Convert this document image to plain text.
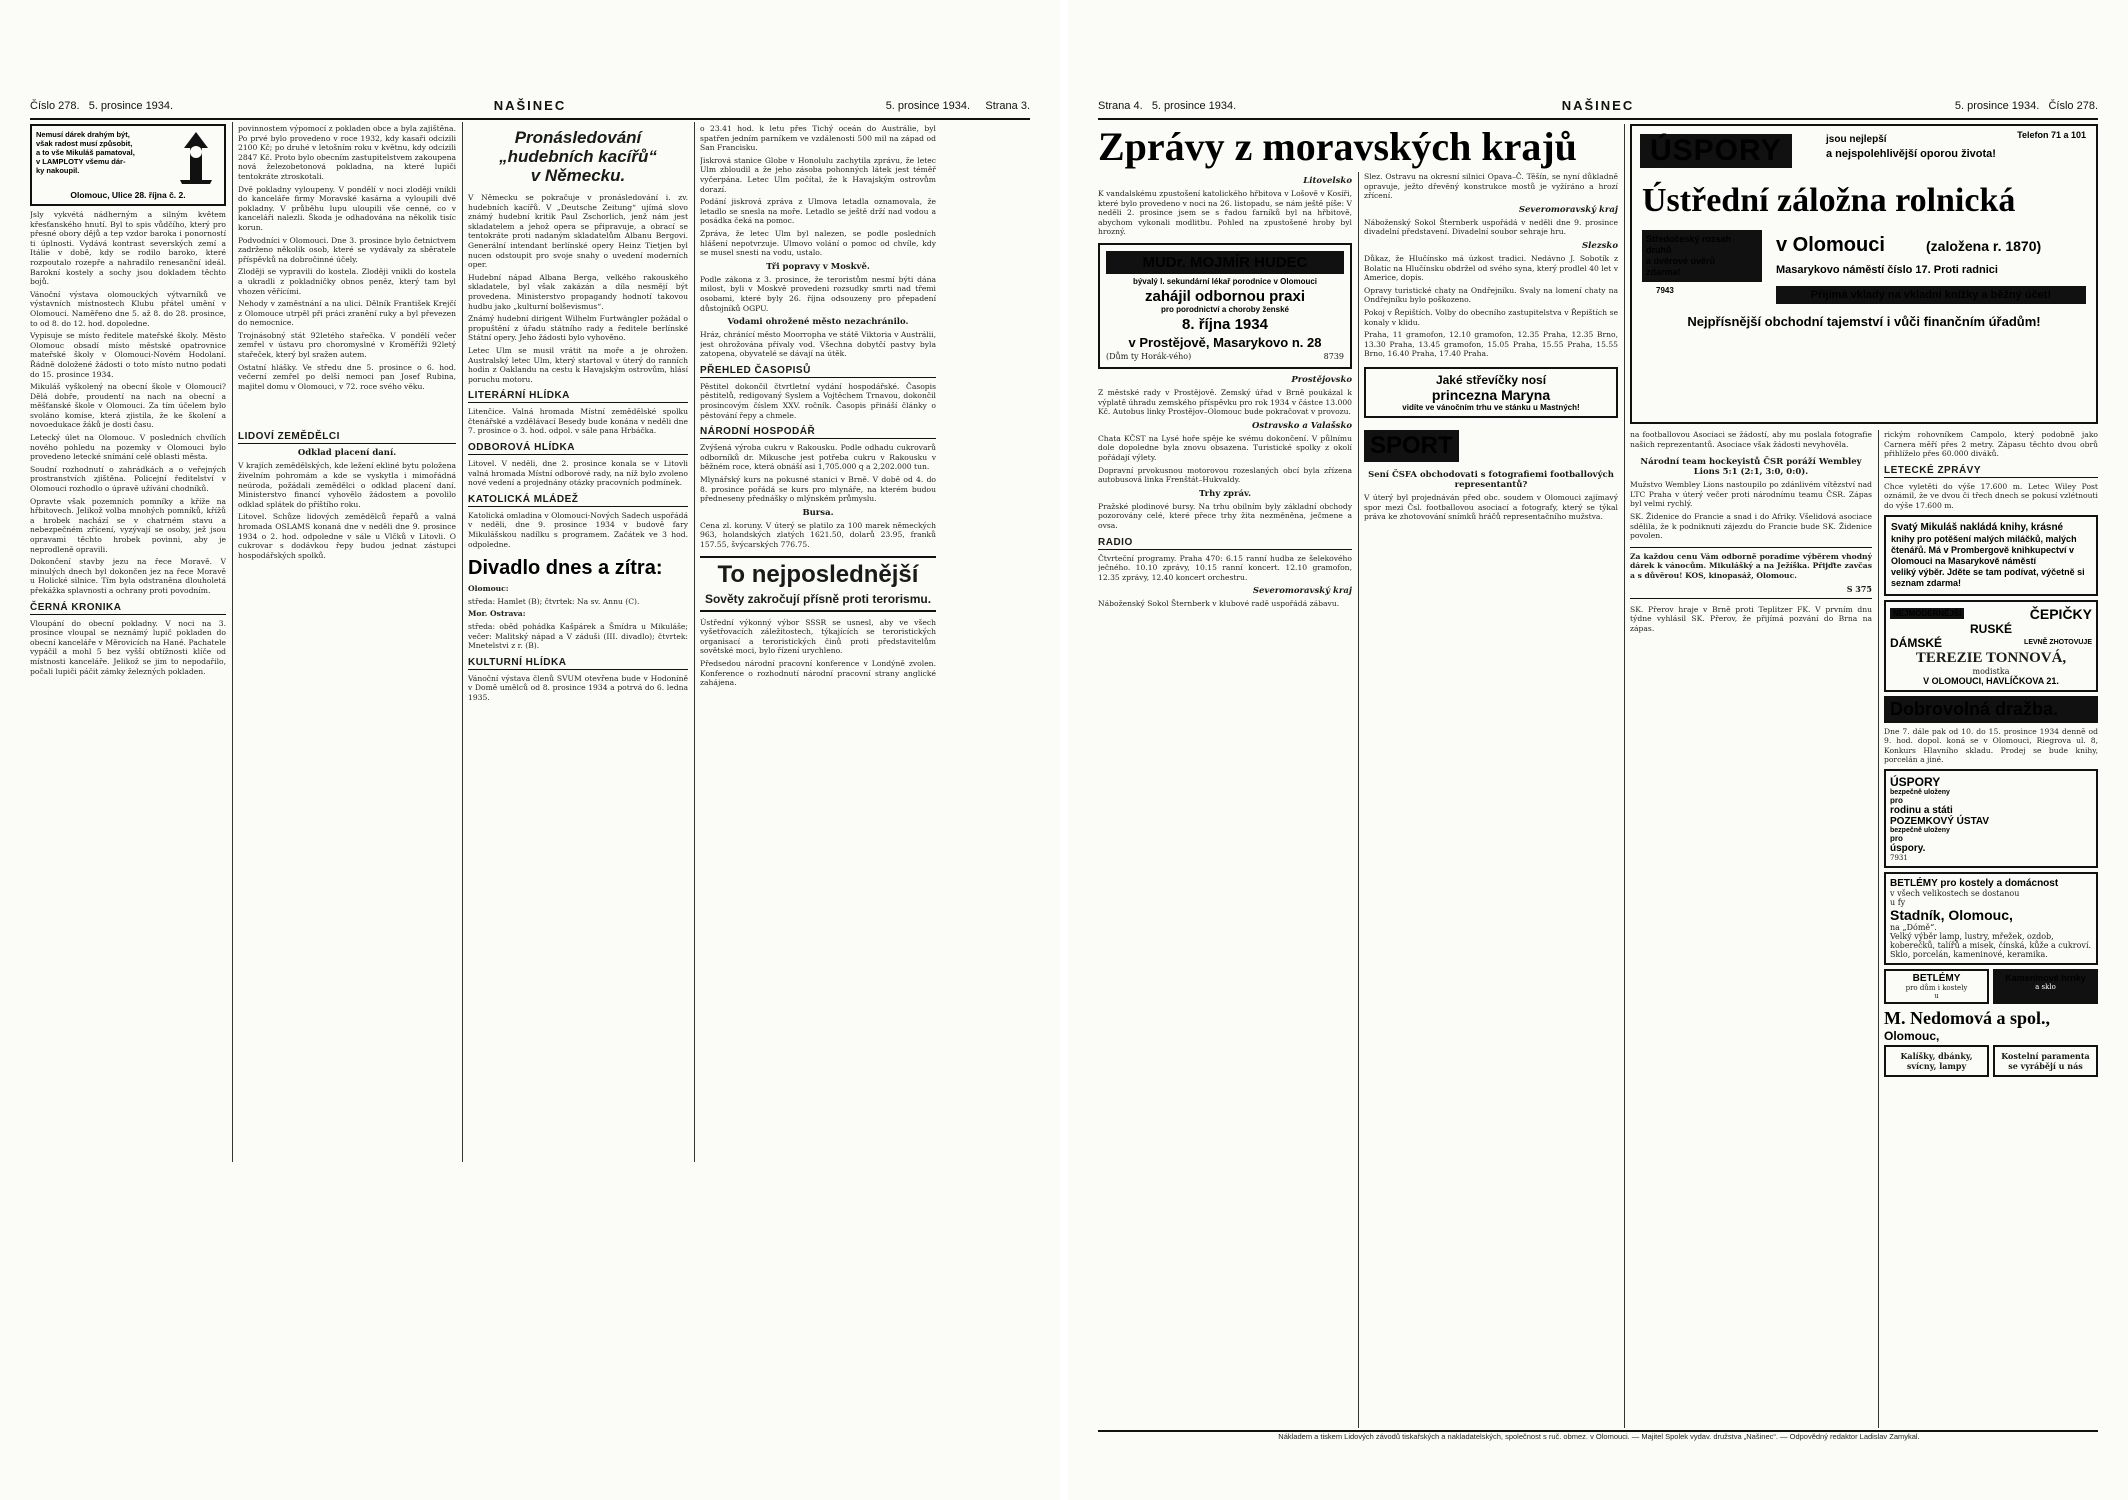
Číslo 278. 5. prosince 1934.	NAŠINEC	5. prosince 1934. Strana 3.
Nemusí dárek drahým být,
však radost musí způsobit,
a to vše Mikuláš pamatoval,
v LAMPLOTY všemu dár-
ky nakoupil.
Olomouc, Ulice 28. října č. 2.

Jsly vykvétá nádherným a silným květem křesťanského hnutí. Byl to spis vůdčího, který pro přesné obory dějů a tep vzdor baroka i ponorností ti úplnosti. Vydává kontrast severských zemí a Itálie v době, kdy se rodilo baroko, které rozpoutalo rozepře a nahradilo renesanční ideál. Barokní kostely a sochy jsou dokladem těchto bojů.

Vánoční výstava olomouckých výtvarníků ve výstavních místnostech Klubu přátel umění v Olomouci. Naměřeno dne 5. až 8. do 28. prosince, to od 8. do 12. hod. dopoledne.

Vypisuje se místo ředitele mateřské školy. Město Olomouc obsadí místo městské opatrovnice mateřské školy v Olomouci-Novém Hodolaní. Řádně doložené žádosti o toto místo nutno podati do 15. prosince 1934.

Mikuláš vyškolený na obecní škole v Olomouci? Dělá dobře, proudentí na nach na obecní a měšťanské škole v Olomouci. Za tím účelem bylo svoláno komise, která zjistila, že ke školení a novoedukace žáků je dosti času.

Letecký úlet na Olomouc. V posledních chvílích nového pohledu na pozemky v Olomouci bylo provedeno letecké snímání celé oblasti města.

Soudní rozhodnutí o zahrádkách a o veřejných prostranstvích zjištěna. Policejní ředitelství v Olomouci rozhodlo o úpravě užívání chodníků.

Opravte však pozemních pomníky a kříže na hřbitovech. Jelikož volba mnohých pomníků, křížů a hrobek nachází se v chatrném stavu a nebezpečném zřícení, vyzývají se osoby, jež jsou opravami těchto hrobek povinni, aby je neprodleně opravili.

Dokončení stavby jezu na řece Moravě. V minulých dnech byl dokončen jez na řece Moravě u Holické silnice. Tím byla odstraněna dlouholetá překážka splavnosti a ochrany proti povodním.

ČERNÁ KRONIKA

Vloupání do obecní pokladny. V noci na 3. prosince vloupal se neznámý lupič pokladen do obecní kanceláře v Měrovicích na Hané. Pachatele vypáčil a mohl 5 bez vyšší obtížnosti klíče od místnosti kanceláře. Jelikož se jim to nepodařilo, počali lupiči páčit zámky železných pokladen.

povinnostem výpomocí z pokladen obce a byla zajištěna. Po prvé bylo provedeno v roce 1932, kdy kasaři odcizili 2100 Kč; po druhé v letošním roku v květnu, kdy odcizili 2847 Kč. Proto bylo obecním zastupitelstvem zakoupena nová železobetonová pokladna, na které lupiči tentokráte ztroskotali.

Dvě pokladny vyloupeny. V pondělí v noci zloději vnikli do kanceláře firmy Moravské kasárna a vyloupili dvě pokladny. V průběhu lupu uloupili vše cenné, co v kanceláři nalezli. Škoda je odhadována na několik tisíc korun.

Podvodníci v Olomouci. Dne 3. prosince bylo četnictvem zadrženo několik osob, které se vydávaly za sběratele příspěvků na dobročinné účely.

Zloději se vypravili do kostela. Zloději vnikli do kostela a ukradli z pokladničky obnos peněz, který tam byl vhozen věřícími.

Nehody v zaměstnání a na ulici. Dělník František Krejčí z Olomouce utrpěl při práci zranění ruky a byl převezen do nemocnice.

Trojnásobný stát 92letého stařečka. V pondělí večer zemřel v ústavu pro choromyslné v Kroměříži 92letý stařeček, který byl sražen autem.

Ostatní hlášky. Ve středu dne 5. prosince o 6. hod. večerní zemřel po delší nemoci pan Josef Rubina, majitel domu v Olomouci, v 72. roce svého věku.

LIDOVÍ ZEMĚDĚLCI
Odklad placení daní.

V krajích zemědělských, kde ležení ekliné bytu položena živelním pohromám a kde se vyskytla i mimořádná neúroda, požádali zemědělci o odklad placení daní. Ministerstvo financí vyhovělo žádostem a povolilo odklad splátek do příštího roku.

Litovel. Schůze lidových zemědělců řepařů a valná hromada OSLAMS konaná dne v neděli dne 9. prosince 1934 o 2. hod. odpoledne v sále u Vlčků v Litovli. O cukrovar s dodávkou řepy budou jednat zástupci hospodářských spolků.

Pronásledování „hudebních kacířů“
v Německu.

V Německu se pokračuje v pronásledování i. zv. hudebních kacířů. V „Deutsche Zeitung“ ujímá slovo známý hudební kritik Paul Zschorlich, jenž nám jest skladatelem a jehož opera se připravuje, a obrací se tentokráte proti nadaným skladatelům Albanu Bergovi. Generální intendant berlínské opery Heinz Tietjen byl nucen odstoupit pro svoje snahy o uvedení moderních oper.

Hudební nápad Albana Berga, velkého rakouského skladatele, byl však zakázán a díla nesmějí být provedena. Ministerstvo propagandy hodnotí takovou hudbu jako „kulturní bolševismus“.

Známý hudební dirigent Wilhelm Furtwängler požádal o propuštění z úřadu státního rady a ředitele berlínské Státní opery. Jeho žádosti bylo vyhověno.

Letec Ulm se musil vrátit na moře a je ohrožen. Australský letec Ulm, který startoval v úterý do ranních hodin z Oaklandu na cestu k Havajským ostrovům, hlásí poruchu motoru.

LITERÁRNÍ HLÍDKA

Litenčice. Valná hromada Místní zemědělské spolku čtenářské a vzdělávací Besedy bude konána v neděli dne 7. prosince o 3. hod. odpol. v sále pana Hrbáčka.

ODBOROVÁ HLÍDKA

Litovel. V neděli, dne 2. prosince konala se v Litovli valná hromada Místní odborové rady, na níž bylo zvoleno nové vedení a projednány otázky pracovních podmínek.

KATOLICKÁ MLÁDEŽ

Katolická omladina v Olomouci-Nových Sadech uspořádá v neděli, dne 9. prosince 1934 v budově fary Mikulášskou nadílku s programem. Začátek ve 3 hod. odpoledne.

Divadlo dnes a zítra:
Olomouc:
středa: Hamlet (B); čtvrtek: Na sv. Annu (C).
Mor. Ostrava:
středa: oběd pohádka Kašpárek a Šmídra u Mikuláše; večer: Malitský nápad a V záduši (III. divadlo); čtvrtek: Mnetelstvi z r. (B).
KULTURNÍ HLÍDKA

Vánoční výstava členů SVUM otevřena bude v Hodoníně v Domě umělců od 8. prosince 1934 a potrvá do 6. ledna 1935.

o 23.41 hod. k letu přes Tichý oceán do Austrálie, byl spatřen jedním parníkem ve vzdálenosti 500 mil na západ od San Francisku.

Jiskrová stanice Globe v Honolulu zachytila zprávu, že letec Ulm zbloudil a že jeho zásoba pohonných látek jest téměř vyčerpána. Letec Ulm počítal, že k Havajským ostrovům dorazí.

Podání jiskrová zpráva z Ulmova letadla oznamovala, že letadlo se snesla na moře. Letadlo se ještě drží nad vodou a posádka čeká na pomoc.

Zpráva, že letec Ulm byl nalezen, se podle posledních hlášení nepotvrzuje. Ulmovo volání o pomoc od chvíle, kdy se musel snesti na vodu, ustalo.

Tři popravy v Moskvě.

Podle zákona z 3. prosince, že teroristům nesmí býti dána milost, byli v Moskvě provedeni rozsudky smrti nad třemi osobami, které byly 26. října odsouzeny pro přepadení důstojníků OGPU.

Vodami ohrožené město nezachránilo.

Hráz, chránící město Moorropha ve státě Viktoria v Austrálii, jest ohrožována přívaly vod. Všechna dobytčí pastvy byla zatopena, obyvatelé se dávají na útěk.

PŘEHLED ČASOPISŮ

Pěstitel dokončil čtvrtletní vydání hospodářské. Časopis pěstitelů, redigovaný Syslem a Vojtěchem Trnavou, dokončil prosincovým číslem XXV. ročník. Časopis přináší články o pěstování řepy a chmele.

NÁRODNÍ HOSPODÁŘ

Zvýšená výroba cukru v Rakousku. Podle odhadu cukrovarů odborníků dr. Mikusche jest potřeba cukru v Rakousku v běžném roce, která obnáší asi 1,705.000 q a 2,202.000 tun.

Mlynářský kurs na pokusné stanici v Brně. V době od 4. do 8. prosince pořádá se kurs pro mlynáře, na kterém budou předneseny přednášky o mlýnském průmyslu.

Bursa.

Cena zl. koruny. V úterý se platilo za 100 marek německých 963, holandských zlatých 1621.50, dolarů 23.95, franků 157.55, švýcarských 776.75.

To nejposlednější
Sověty zakročují přísně proti terorismu.

Ústřední výkonný výbor SSSR se usnesl, aby ve všech vyšetřovacích záležitostech, týkajících se teroristických organisací a teroristických činů proti představitelům sovětské moci, bylo řízení urychleno.

Předsedou národní pracovní konference v Londýně zvolen. Konference o rozhodnutí národní pracovní strany anglické zahájena.

Strana 4. 5. prosince 1934.	NAŠINEC	5. prosince 1934. Číslo 278.
Zprávy z moravských krajů
Litovelsko

K vandalskému zpustošení katolického hřbitova v Lošově v Kosíři, které bylo provedeno v noci na 26. listopadu, se nám ještě píše: V neděli 2. prosince jsem se s řadou farníků byl na hřbitově, abychom vykonali modlitbu. Pohled na zpustošené hroby byl hrozný.

MUDr. MOJMÍR HUDEC
bývalý I. sekundární lékař porodnice v Olomouci
zahájil odbornou praxi
pro porodnictví a choroby ženské
8. října 1934
v Prostějově, Masarykovo n. 28
(Dům ty Horák-vého)	8739
Prostějovsko

Z městské rady v Prostějově. Zemský úřad v Brně poukázal k výplatě úhradu zemského příspěvku pro rok 1934 v částce 13.000 Kč. Autobus linky Prostějov–Olomouc bude pokračovat v provozu.

Ostravsko a Valašsko

Chata KČST na Lysé hoře spěje ke svému dokončení. V půlnímu dole dopoledne byla znovu obsazena. Turistické spolky z okolí pořádají výlety.

Dopravní prvokusnou motorovou rozeslaných obcí byla zřízena autobusová linka Frenštát–Hukvaldy.

Trhy zpráv.

Pražské plodinové bursy. Na trhu obilním byly základní obchody pozorovány celé, které přece trhy žita nezměněna, ječmene a ovsa.

RADIO

Čtvrteční programy. Praha 470: 6.15 ranní hudba ze šelekového ječného. 10.10 zprávy, 10.15 ranní koncert. 12.10 gramofon, 12.35 zprávy, 12.40 koncert orchestru.

Severomoravský kraj

Náboženský Sokol Šternberk v klubové radě uspořádá zábavu.

Slez. Ostravu na okresní silnici Opava–Č. Těšín, se nyní důkladně opravuje, ježto dřevěný konstrukce mostů je vyžíráno a hrozí zřícení.

Severomoravský kraj

Náboženský Sokol Šternberk uspořádá v neděli dne 9. prosince divadelní představení. Divadelní soubor sehraje hru.

Slezsko

Důkaz, že Hlučínsko má úzkost tradici. Nedávno J. Sobotík z Bolatic na Hlučínsku obdržel od svého syna, který prodlel 40 let v Americe, dopis.

Opravy turistické chaty na Ondřejníku. Svaly na lomení chaty na Ondřejníku bylo poškozeno.

Pokoj v Řepištích. Volby do obecního zastupitelstva v Řepištích se konaly v klidu.

Praha, 11 gramofon, 12.10 gramofon, 12.35 Praha, 12.35 Brno, 13.30 Praha, 13.45 gramofon, 15.05 Praha, 15.55 Praha, 15.55 Brno, 16.40 Praha, 17.40 Praha.

Jaké střevíčky nosí
princezna Maryna
vidíte ve vánočním trhu ve stánku u Mastných!
SPORT
Sení ČSFA obchodovati s fotografiemi footballových representantů?

V úterý byl projednáván před obc. soudem v Olomouci zajímavý spor mezi Čsl. footballovou asociací a fotografy, který se týkal práva ke zhotovování snímků hráčů representačního mužstva.

ÚSPORY	jsou nejlepší
a nejspolehlivější oporou života!
Telefon 71 a 101
Ústřední záložna rolnická
Středočeský rozsah druhů
a úvěrové úvěrů
zdarma!
v Olomouci	(založena r. 1870)
Masarykovo náměstí číslo 17. Proti radnici
Přijímá vklady na vkladní knížky a běžný účet!
7943
Nejpřísnější obchodní tajemství i vůči finančním úřadům!

na footballovou Asociaci se žádostí, aby mu poslala fotografie našich reprezentantů. Asociace však žádosti nevyhověla.

Národní team hockeyistů ČSR poráží Wembley Lions 5:1 (2:1, 3:0, 0:0).

Mužstvo Wembley Lions nastoupilo po zdánlivém vítězství nad LTC Praha v úterý večer proti národnímu teamu ČSR. Zápas byl velmi rychlý.

SK. Židenice do Francie a snad i do Afriky. Všelidová asociace sdělila, že k podniknuti zájezdu do Francie bude SK. Židenice povolen.

Za každou cenu Vám odborně poradíme výběrem vhodný dárek k vánocům. Mikulášký a na Ježíška. Přijďte zavčas a s důvěrou! KOS, kinopasáž, Olomouc.

S 375

SK. Přerov hraje v Brně proti Teplitzer FK. V prvním dnu týdne vyhlásil SK. Přerov, že přijímá pozvání do Brna na zápas.

rickým rohovníkem Campolo, který podobně jako Carnera měří přes 2 metry. Zápasu těchto dvou obrů přihlíželo přes 60.000 diváků.

LETECKÉ ZPRÁVY

Chce vyletěti do výše 17.600 m. Letec Wiley Post oznámil, že ve dvou či třech dnech se pokusí vzlétnouti do výše 17.600 m.

Svatý Mikuláš nakládá knihy, krásné
knihy pro potěšení malých miláčků, malých čtenářů. Má v Prombergově knihkupectví v Olomouci na Masarykově náměstí
veliký výběr. Jděte se tam podívat, výčetně si seznam zdarma!
NEJMODERNĚJŠÍ	ČEPIČKY
RUSKÉ
DÁMSKÉ	LEVNĚ ZHOTOVUJE
TEREZIE TONNOVÁ,
modistka
V OLOMOUCI, HAVLÍČKOVA 21.
Dobrovolná dražba.

Dne 7. dále pak od 10. do 15. prosince 1934 denně od 9. hod. dopol. koná se v Olomouci, Riegrova ul. 8, Konkurs Hlavního skladu. Prodej se bude knihy, porcelán a jiné.

ÚSPORY
bezpečně uloženy
pro
rodinu a státi
POZEMKOVÝ ÚSTAV
bezpečně uloženy
pro
úspory.
7931
BETLÉMY pro kostely a domácnost
v všech velikostech se dostanou
u fy
Stadník, Olomouc,
na „Dómě“.
Velký výběr lamp, lustry, mřežek, ozdob, koberečků, talířů a misek, čínská, kůže a cukroví.
Sklo, porcelán, kameninové, keramika.
BETLÉMY
pro dům i kostely
u
Kameninové hrnky
a sklo
M. Nedomová a spol.,
Olomouc,
Kalíšky, dbánky, svícny, lampy
Kostelní paramenta se vyrábějí u nás
Nákladem a tiskem Lidových závodů tiskařských a nakladatelských, společnost s ruč. obmez. v Olomouci. — Majitel Spolek vydav. družstva „Našinec“. — Odpovědný redaktor Ladislav Zamykal.
